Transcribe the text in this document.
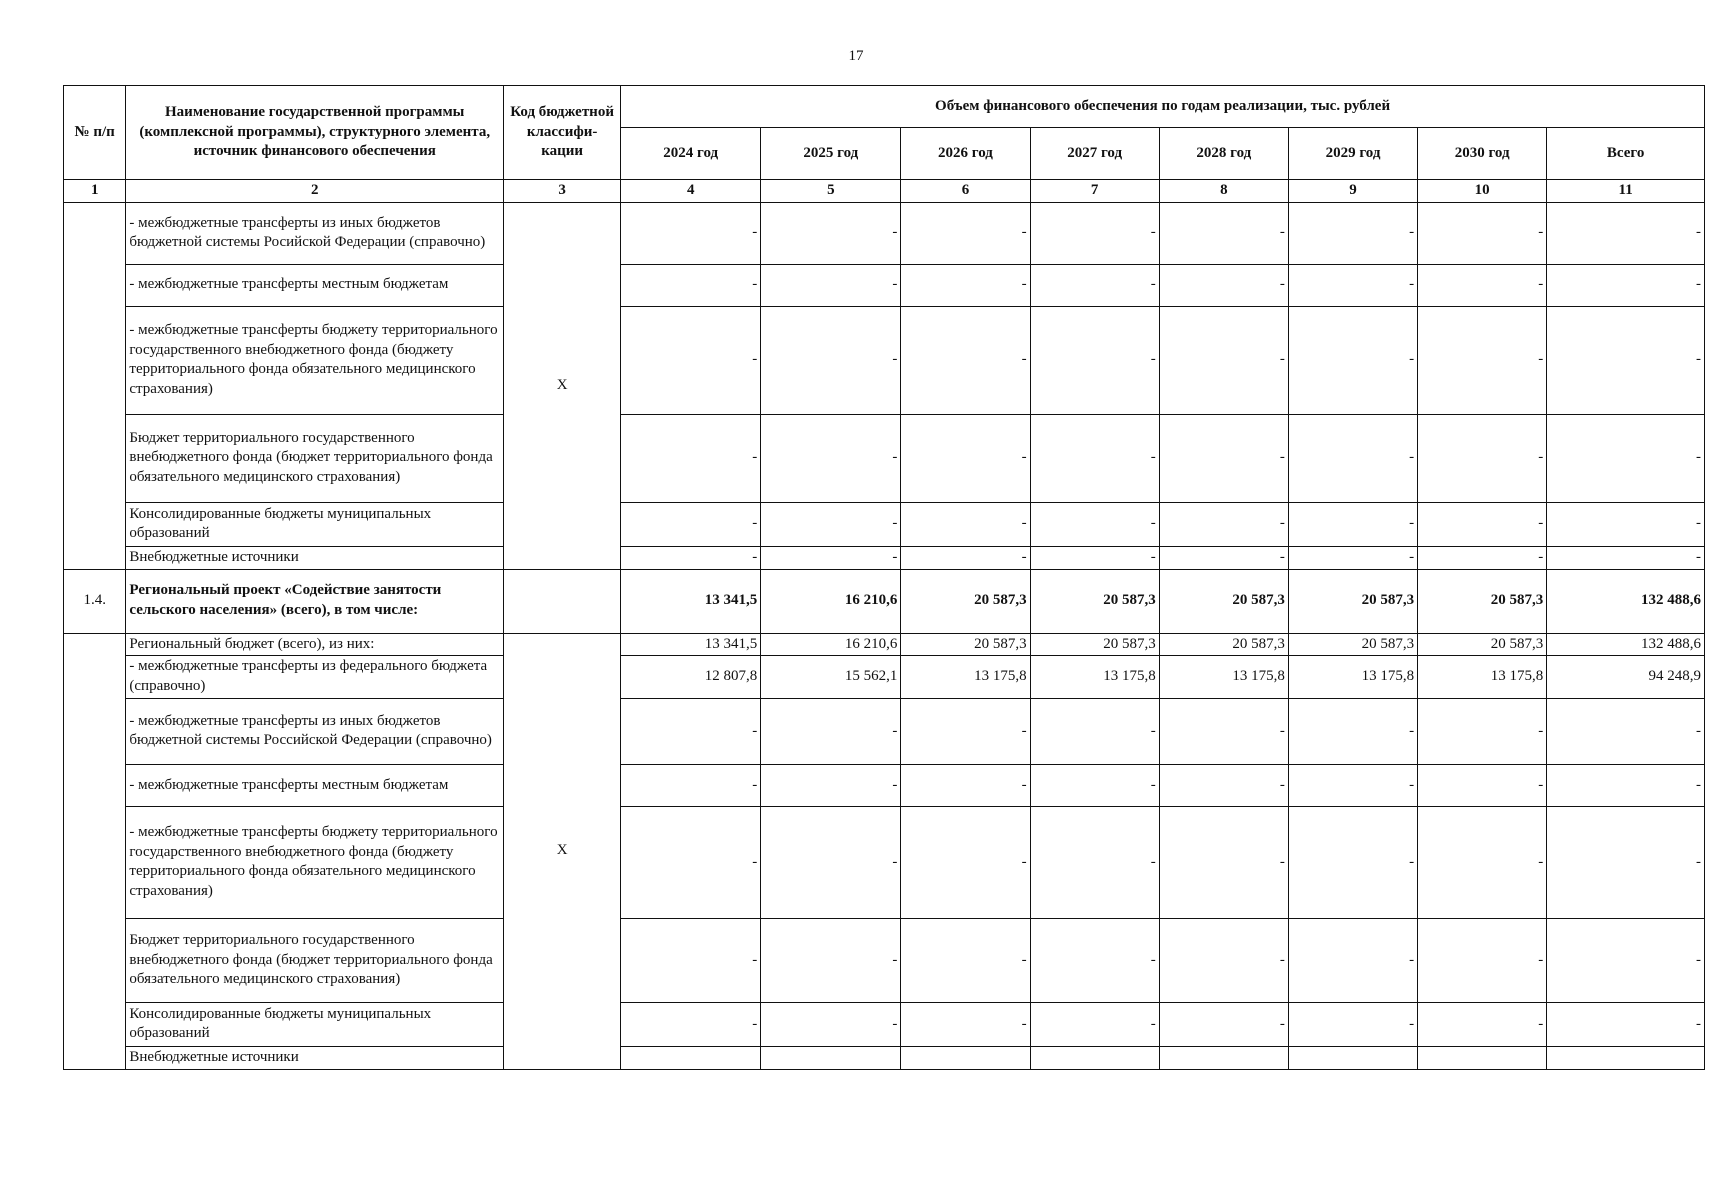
17
№ п/п	Наименование государственной программы (комплексной программы), структурного элемента, источник финансового обеспечения	Код бюджетной классифи-кации	Объем финансового обеспечения по годам реализации, тыс. рублей							
			2024 год	2025 год	2026 год	2027 год	2028 год	2029 год	2030 год	Всего
1	2	3	4	5	6	7	8	9	10	11
	- межбюджетные трансферты из иных бюджетов бюджетной системы Росийской Федерации (справочно)	X	-	-	-	-	-	-	-	-
	- межбюджетные трансферты местным бюджетам		-	-	-	-	-	-	-	-
	- межбюджетные трансферты бюджету территориального государственного внебюджетного фонда (бюджету территориального фонда обязательного медицинского страхования)		-	-	-	-	-	-	-	-
	Бюджет территориального государственного внебюджетного фонда (бюджет территориального фонда обязательного медицинского страхования)		-	-	-	-	-	-	-	-
	Консолидированные бюджеты муниципальных образований		-	-	-	-	-	-	-	-
	Внебюджетные источники		-	-	-	-	-	-	-	-
1.4.	Региональный проект «Содействие занятости сельского населения» (всего), в том числе:		13 341,5	16 210,6	20 587,3	20 587,3	20 587,3	20 587,3	20 587,3	132 488,6
	Региональный бюджет (всего), из них:	X	13 341,5	16 210,6	20 587,3	20 587,3	20 587,3	20 587,3	20 587,3	132 488,6
	- межбюджетные трансферты из федерального бюджета (справочно)		12 807,8	15 562,1	13 175,8	13 175,8	13 175,8	13 175,8	13 175,8	94 248,9
	- межбюджетные трансферты из иных бюджетов бюджетной системы Российской Федерации (справочно)		-	-	-	-	-	-	-	-
	- межбюджетные трансферты местным бюджетам		-	-	-	-	-	-	-	-
	- межбюджетные трансферты бюджету территориального государственного внебюджетного фонда (бюджету территориального фонда обязательного медицинского страхования)		-	-	-	-	-	-	-	-
	Бюджет территориального государственного внебюджетного фонда (бюджет территориального фонда обязательного медицинского страхования)		-	-	-	-	-	-	-	-
	Консолидированные бюджеты муниципальных образований		-	-	-	-	-	-	-	-
	Внебюджетные источники									
